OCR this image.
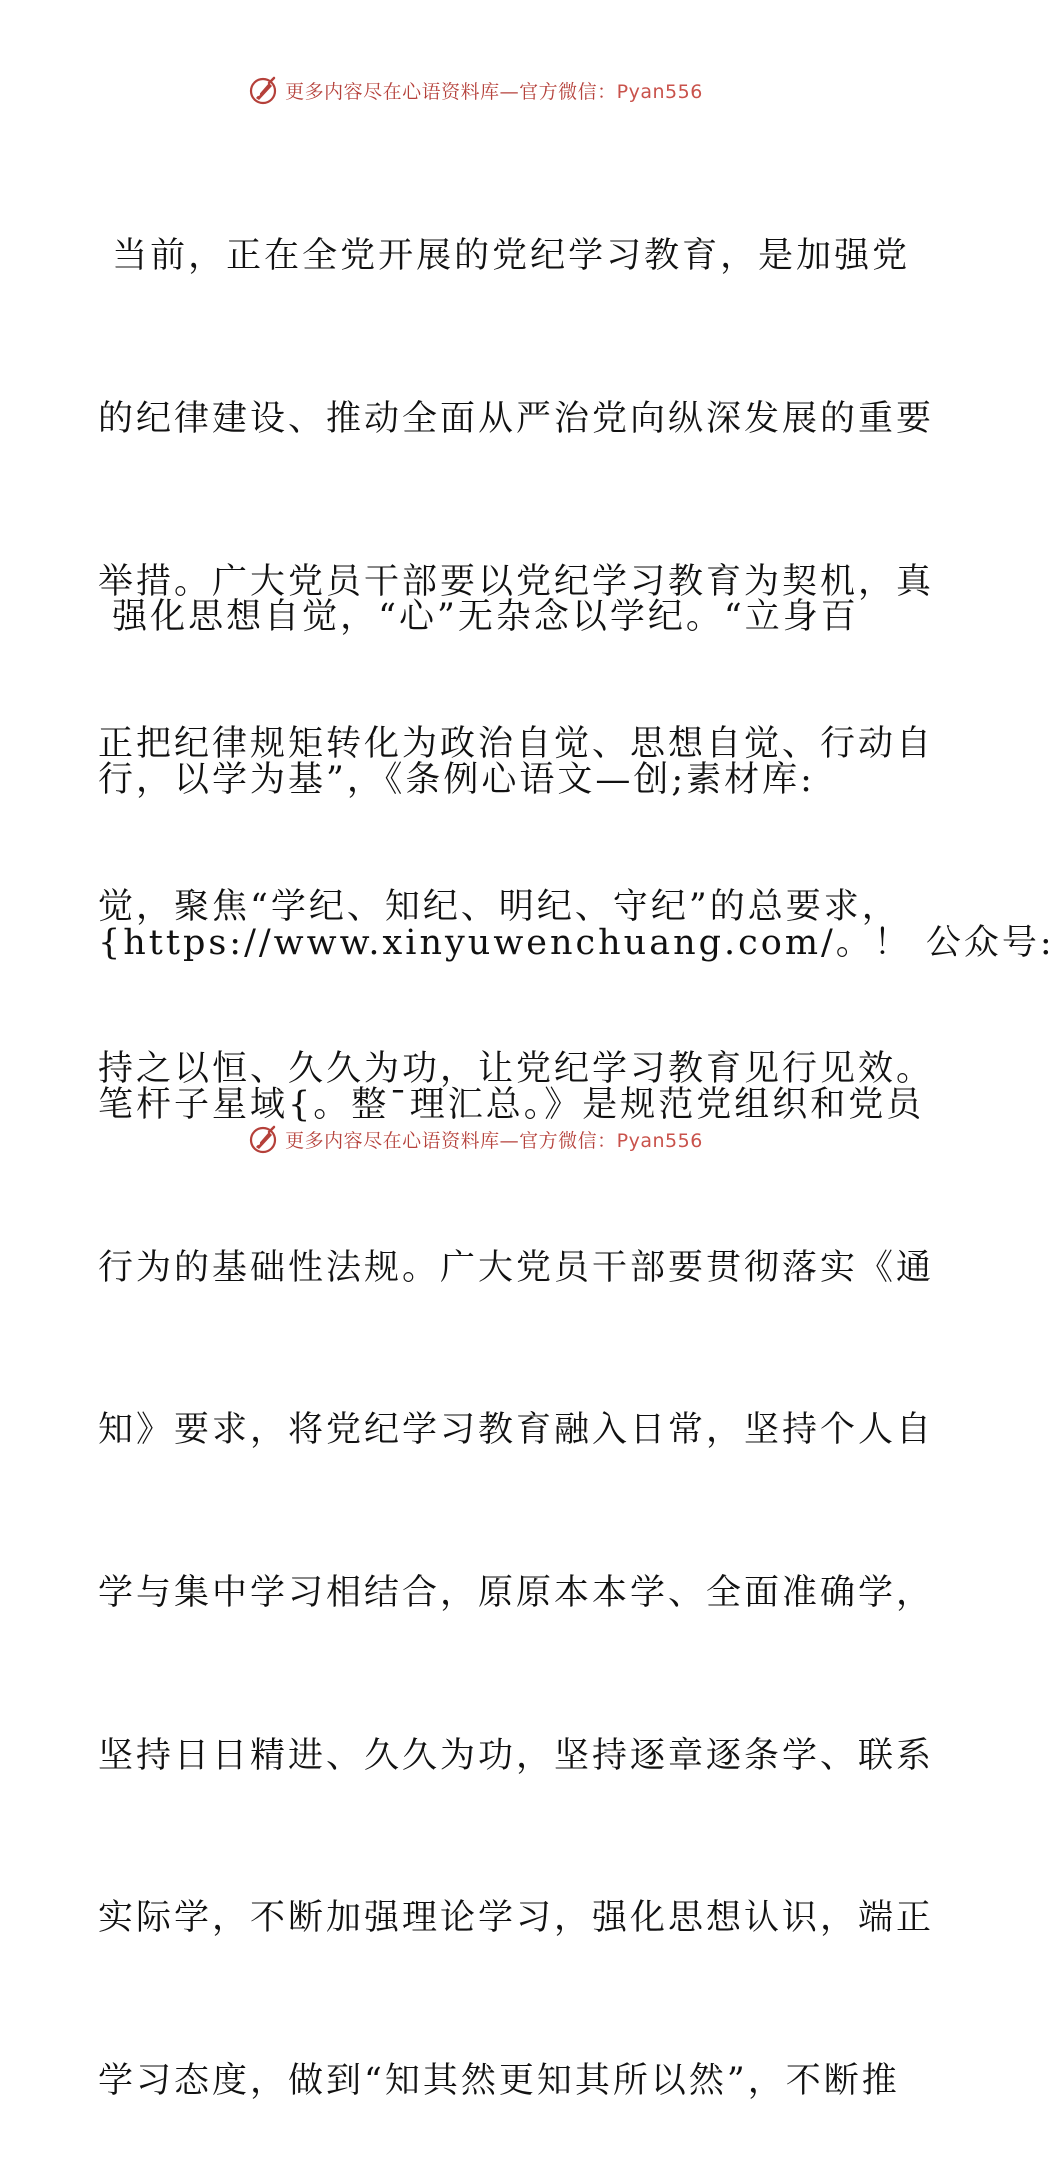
更多内容尽在心语资料库—官方微信：Pyan556

当前，正在全党开展的党纪学习教育，是加强党

的纪律建设、推动全面从严治党向纵深发展的重要

举措。广大党员干部要以党纪学习教育为契机，真

正把纪律规矩转化为政治自觉、思想自觉、行动自

觉，聚焦“学纪、知纪、明纪、守纪”的总要求，

持之以恒、久久为功，让党纪学习教育见行见效。

强化思想自觉，“心”无杂念以学纪。“立身百

行，以学为基”，《条例心语文—创;素材库:

{https://www.xinyuwenchuang.com/。！ 公众号:

笔杆子星域{。整¯理汇总。》是规范党组织和党员

行为的基础性法规。广大党员干部要贯彻落实《通

知》要求，将党纪学习教育融入日常，坚持个人自

学与集中学习相结合，原原本本学、全面准确学，

坚持日日精进、久久为功，坚持逐章逐条学、联系

实际学，不断加强理论学习，强化思想认识，端正

学习态度，做到“知其然更知其所以然”，不断推

更多内容尽在心语资料库—官方微信：Pyan556
